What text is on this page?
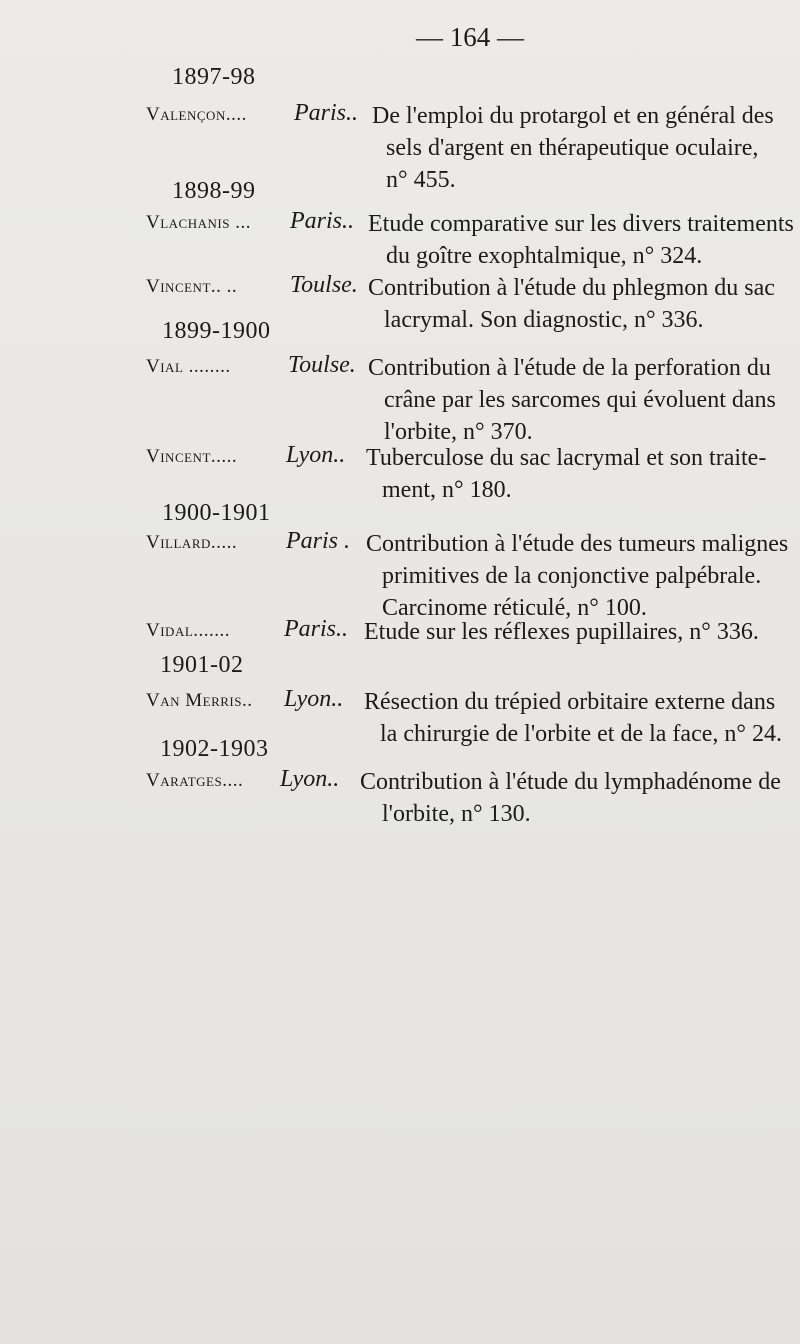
— 164 —
1897-98
Valençon.... Paris.. De l'emploi du protargol et en général des
sels d'argent en thérapeutique oculaire,
n° 455.
1898-99
Vlachanis ... Paris.. Etude comparative sur les divers traitements
du goître exophtalmique, n° 324.
Vincent.. .. Toulse. Contribution à l'étude du phlegmon du sac
lacrymal. Son diagnostic, n° 336.
1899-1900
Vial ........ Toulse. Contribution à l'étude de la perforation du
crâne par les sarcomes qui évoluent dans
l'orbite, n° 370.
Vincent..... Lyon.. Tuberculose du sac lacrymal et son traite-
ment, n° 180.
1900-1901
Villard..... Paris . Contribution à l'étude des tumeurs malignes
primitives de la conjonctive palpébrale.
Carcinome réticulé, n° 100.
Vidal....... Paris.. Etude sur les réflexes pupillaires, n° 336.
1901-02
Van Merris.. Lyon.. Résection du trépied orbitaire externe dans
la chirurgie de l'orbite et de la face, n° 24.
1902-1903
Varatges.... Lyon.. Contribution à l'étude du lymphadénome de
l'orbite, n° 130.
